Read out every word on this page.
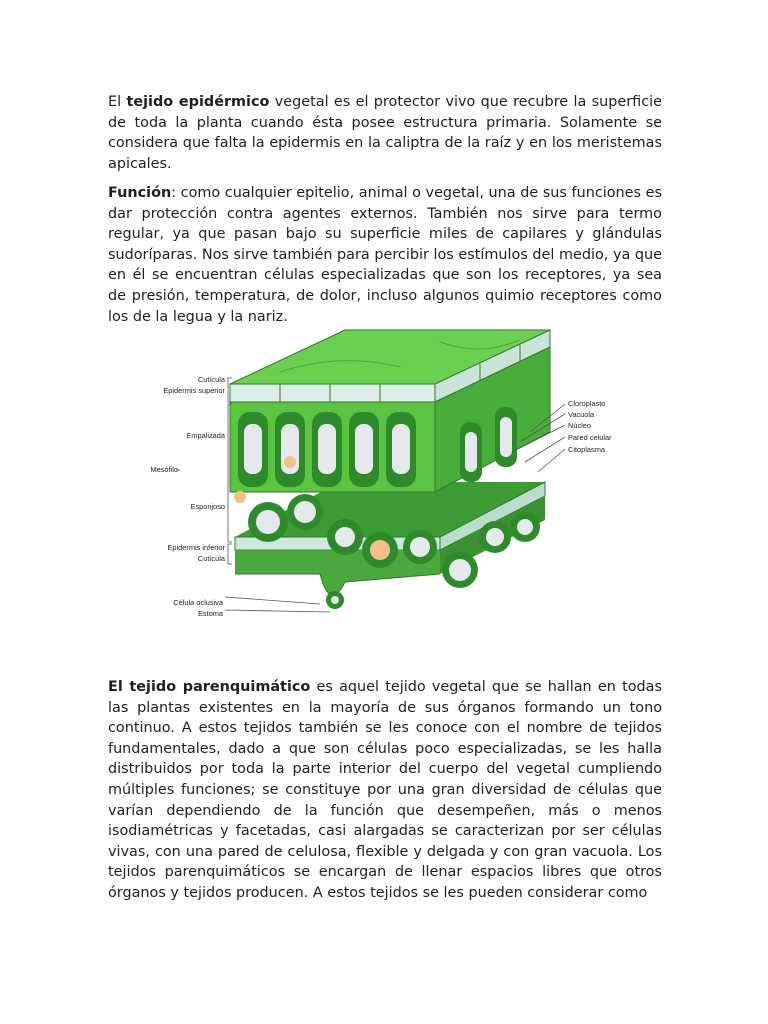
El tejido epidérmico vegetal es el protector vivo que recubre la superficie de toda la planta cuando ésta posee estructura primaria. Solamente se considera que falta la epidermis en la caliptra de la raíz y en los meristemas apicales.

Función: como cualquier epitelio, animal o vegetal, una de sus funciones es dar protección contra agentes externos. También nos sirve para termo regular, ya que pasan bajo su superficie miles de capilares y glándulas sudoríparas. Nos sirve también para percibir los estímulos del medio, ya que en él se encuentran células especializadas que son los receptores, ya sea de presión, temperatura, de dolor, incluso algunos quimio receptores como los de la legua y la nariz.

Cutícula
Epidermis superior
Empalizada
Mesófilo
Esponjoso
Epidermis inferior
Cutícula
Célula oclusiva
Estoma
Cloroplasto
Vacuola
Núcleo
Pared celular
Citoplasma

El tejido parenquimático es aquel tejido vegetal que se hallan en todas las plantas existentes en la mayoría de sus órganos formando un tono continuo. A estos tejidos también se les conoce con el nombre de tejidos fundamentales, dado a que son células poco especializadas, se les halla distribuidos por toda la parte interior del cuerpo del vegetal cumpliendo múltiples funciones; se constituye por una gran diversidad de células que varían dependiendo de la función que desempeñen, más o menos isodiamétricas y facetadas, casi alargadas se caracterizan por ser células vivas, con una pared de celulosa, flexible y delgada y con gran vacuola. Los tejidos parenquimáticos se encargan de llenar espacios libres que otros órganos y tejidos producen. A estos tejidos se les pueden considerar como
